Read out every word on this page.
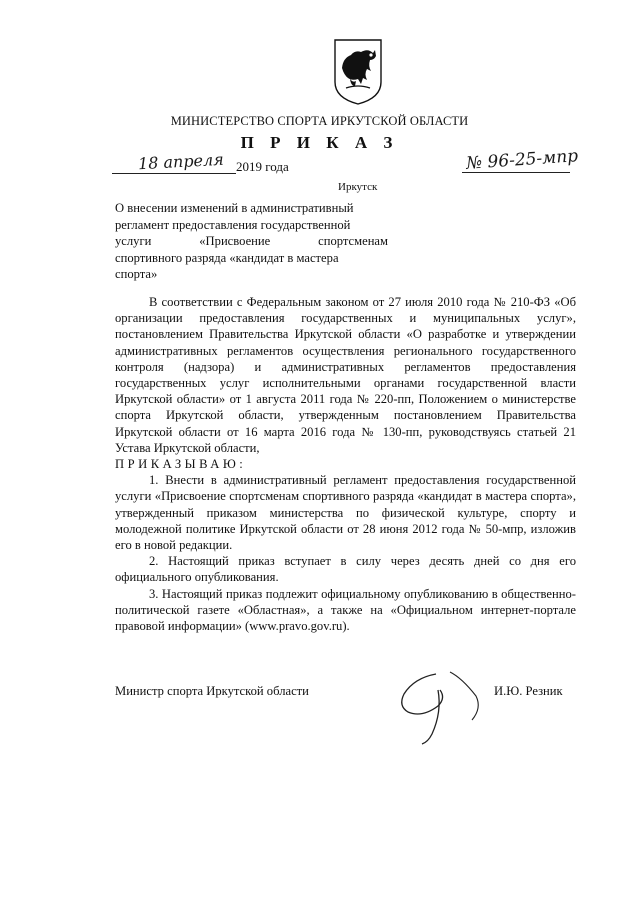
МИНИСТЕРСТВО СПОРТА ИРКУТСКОЙ ОБЛАСТИ
П Р И К А З
18 апреля 2019 года	№ 96-25-мпр
Иркутск
О внесении изменений в административный
регламент предоставления государственной
услуги «Присвоение спортсменам
спортивного разряда «кандидат в мастера
спорта»

В соответствии с Федеральным законом от 27 июля 2010 года № 210-ФЗ «Об организации предоставления государственных и муниципальных услуг», постановлением Правительства Иркутской области «О разработке и утверждении административных регламентов осуществления регионального государственного контроля (надзора) и административных регламентов предоставления государственных услуг исполнительными органами государственной власти Иркутской области» от 1 августа 2011 года № 220-пп, Положением о министерстве спорта Иркутской области, утвержденным постановлением Правительства Иркутской области от 16 марта 2016 года № 130-пп, руководствуясь статьей 21 Устава Иркутской области,

ПРИКАЗЫВАЮ:

1. Внести в административный регламент предоставления государственной услуги «Присвоение спортсменам спортивного разряда «кандидат в мастера спорта», утвержденный приказом министерства по физической культуре, спорту и молодежной политике Иркутской области от 28 июня 2012 года № 50-мпр, изложив его в новой редакции.

2. Настоящий приказ вступает в силу через десять дней со дня его официального опубликования.

3. Настоящий приказ подлежит официальному опубликованию в общественно-политической газете «Областная», а также на «Официальном интернет-портале правовой информации» (www.pravo.gov.ru).

Министр спорта Иркутской области	И.Ю. Резник
